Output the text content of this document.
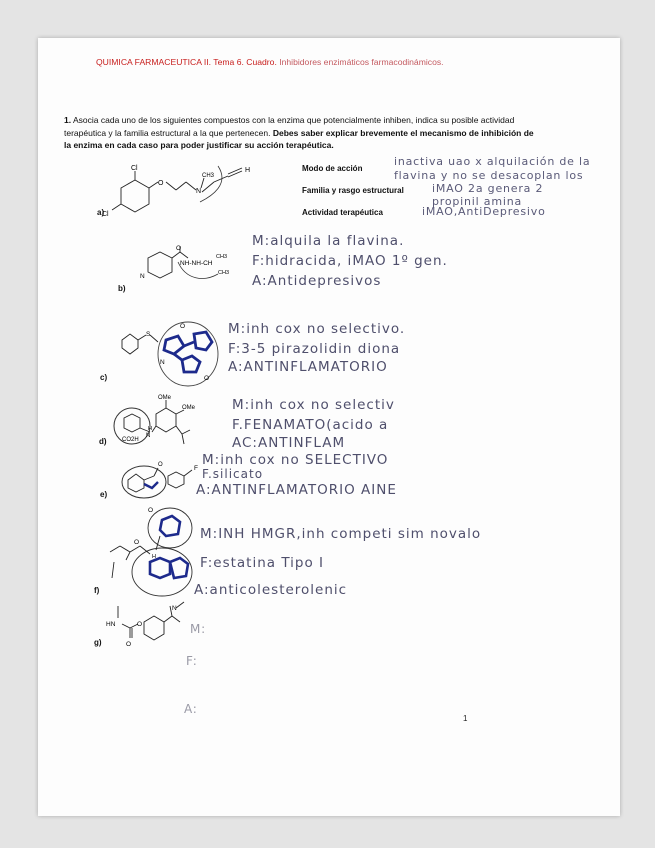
QUIMICA FARMACEUTICA II. Tema 6. Cuadro. Inhibidores enzimáticos farmacodinámicos.
1. Asocia cada uno de los siguientes compuestos con la enzima que potencialmente inhiben, indica su posible actividad terapéutica y la familia estructural a la que pertenecen. Debes saber explicar brevemente el mecanismo de inhibición de la enzima en cada caso para poder justificar su acción terapéutica.
a)
Cl
Cl
O
N
CH3
H	Modo de acción
Familia y rasgo estructural
Actividad terapéutica
inactiva uao x alquilación de la flavina y no se desacoplan los
iMAO 2a genera 2 propinil amina
iMAO,AntiDepresivo
b)
O
NH-NH-CH
CH3
CH3
N
M:alquila la flavina.
F:hidracida, iMAO 1º gen.
A:Antidepresivos
c)
S
O
O
N
M:inh cox no selectivo.
F:3-5 pirazolidin diona
A:ANTINFLAMATORIO
d)
OMe
OMe
CO2H
H
N
M:inh cox no selectiv
F.FENAMATO(acido a
AC:ANTINFLAM
e)
O	F
M:inh cox no SELECTIVO
F.silicato
A:ANTINFLAMATORIO AINE
f)
O
O
H
M:INH HMGR,inh competi sim novalo
F:estatina Tipo I
A:anticolesterolenic
g)
HN
O
O
N
M:
F:
A:
1
